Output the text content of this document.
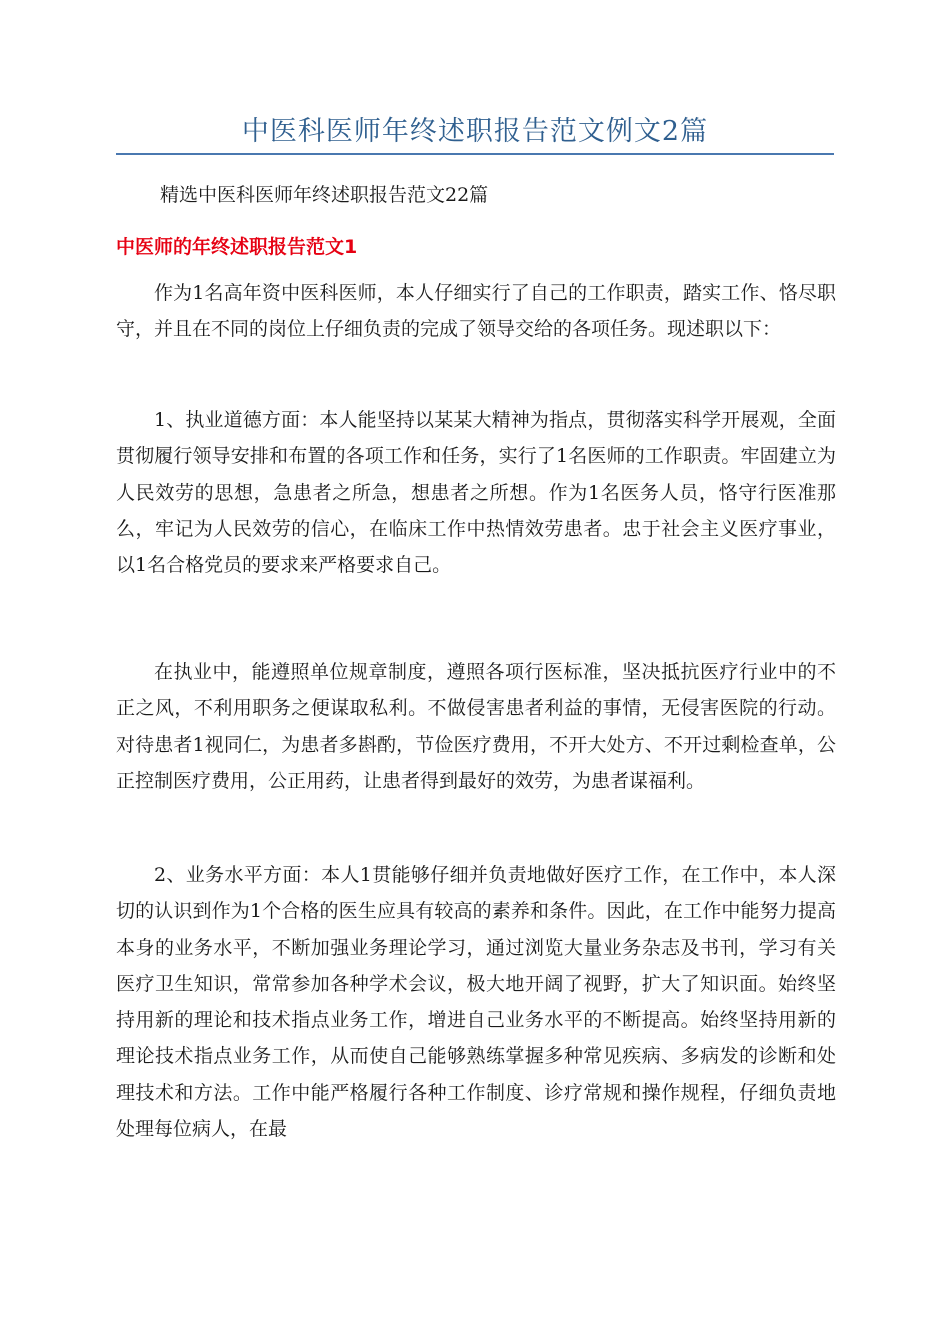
中医科医师年终述职报告范文例文2篇
精选中医科医师年终述职报告范文22篇
中医师的年终述职报告范文1

作为1名高年资中医科医师，本人仔细实行了自己的工作职责，踏实工作、恪尽职守，并且在不同的岗位上仔细负责的完成了领导交给的各项任务。现述职以下：

1、执业道德方面：本人能坚持以某某大精神为指点，贯彻落实科学开展观，全面贯彻履行领导安排和布置的各项工作和任务，实行了1名医师的工作职责。牢固建立为人民效劳的思想，急患者之所急，想患者之所想。作为1名医务人员，恪守行医准那么，牢记为人民效劳的信心，在临床工作中热情效劳患者。忠于社会主义医疗事业，以1名合格党员的要求来严格要求自己。

在执业中，能遵照单位规章制度，遵照各项行医标准，坚决抵抗医疗行业中的不正之风，不利用职务之便谋取私利。不做侵害患者利益的事情，无侵害医院的行动。对待患者1视同仁，为患者多斟酌，节俭医疗费用，不开大处方、不开过剩检查单，公正控制医疗费用，公正用药，让患者得到最好的效劳，为患者谋福利。

2、业务水平方面：本人1贯能够仔细并负责地做好医疗工作，在工作中，本人深切的认识到作为1个合格的医生应具有较高的素养和条件。因此，在工作中能努力提高本身的业务水平，不断加强业务理论学习，通过浏览大量业务杂志及书刊，学习有关医疗卫生知识，常常参加各种学术会议，极大地开阔了视野，扩大了知识面。始终坚持用新的理论和技术指点业务工作，增进自己业务水平的不断提高。始终坚持用新的理论技术指点业务工作，从而使自己能够熟练掌握多种常见疾病、多病发的诊断和处理技术和方法。工作中能严格履行各种工作制度、诊疗常规和操作规程，仔细负责地处理每位病人，在最
